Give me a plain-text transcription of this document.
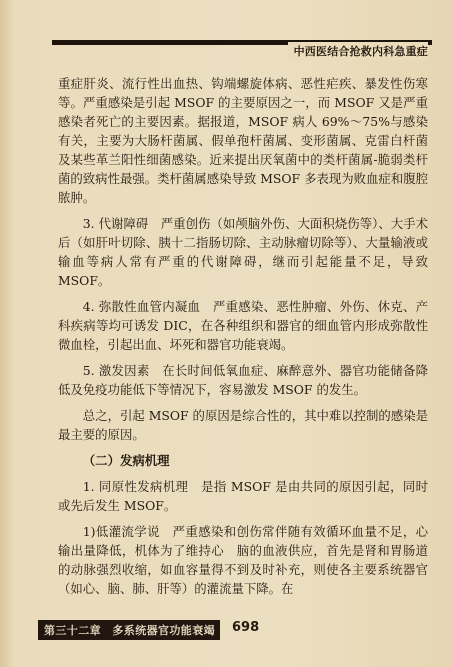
中西医结合抢救内科急重症

重症肝炎、流行性出血热、钩端螺旋体病、恶性疟疾、暴发性伤寒等。严重感染是引起 MSOF 的主要原因之一，而 MSOF 又是严重感染者死亡的主要因素。据报道，MSOF 病人 69%～75%与感染有关，主要为大肠杆菌属、假单孢杆菌属、变形菌属、克雷白杆菌及某些革兰阳性细菌感染。近来提出厌氧菌中的类杆菌属-脆弱类杆菌的致病性最强。类杆菌属感染导致 MSOF 多表现为败血症和腹腔脓肿。

3. 代谢障碍　严重创伤（如颅脑外伤、大面积烧伤等）、大手术后（如肝叶切除、胰十二指肠切除、主动脉瘤切除等）、大量输液或输血等病人常有严重的代谢障碍，继而引起能量不足，导致 MSOF。

4. 弥散性血管内凝血　严重感染、恶性肿瘤、外伤、休克、产科疾病等均可诱发 DIC，在各种组织和器官的细血管内形成弥散性微血栓，引起出血、坏死和器官功能衰竭。

5. 激发因素　在长时间低氧血症、麻醉意外、器官功能储备降低及免疫功能低下等情况下，容易激发 MSOF 的发生。

总之，引起 MSOF 的原因是综合性的，其中难以控制的感染是最主要的原因。

（二）发病机理

1. 同原性发病机理　是指 MSOF 是由共同的原因引起，同时或先后发生 MSOF。

1)低灌流学说　严重感染和创伤常伴随有效循环血量不足，心输出量降低，机体为了维持心　脑的血液供应，首先是肾和胃肠道的动脉强烈收缩，如血容量得不到及时补充，则使各主要系统器官（如心、脑、肺、肝等）的灌流量下降。在

第三十二章　多系统器官功能衰竭	698
